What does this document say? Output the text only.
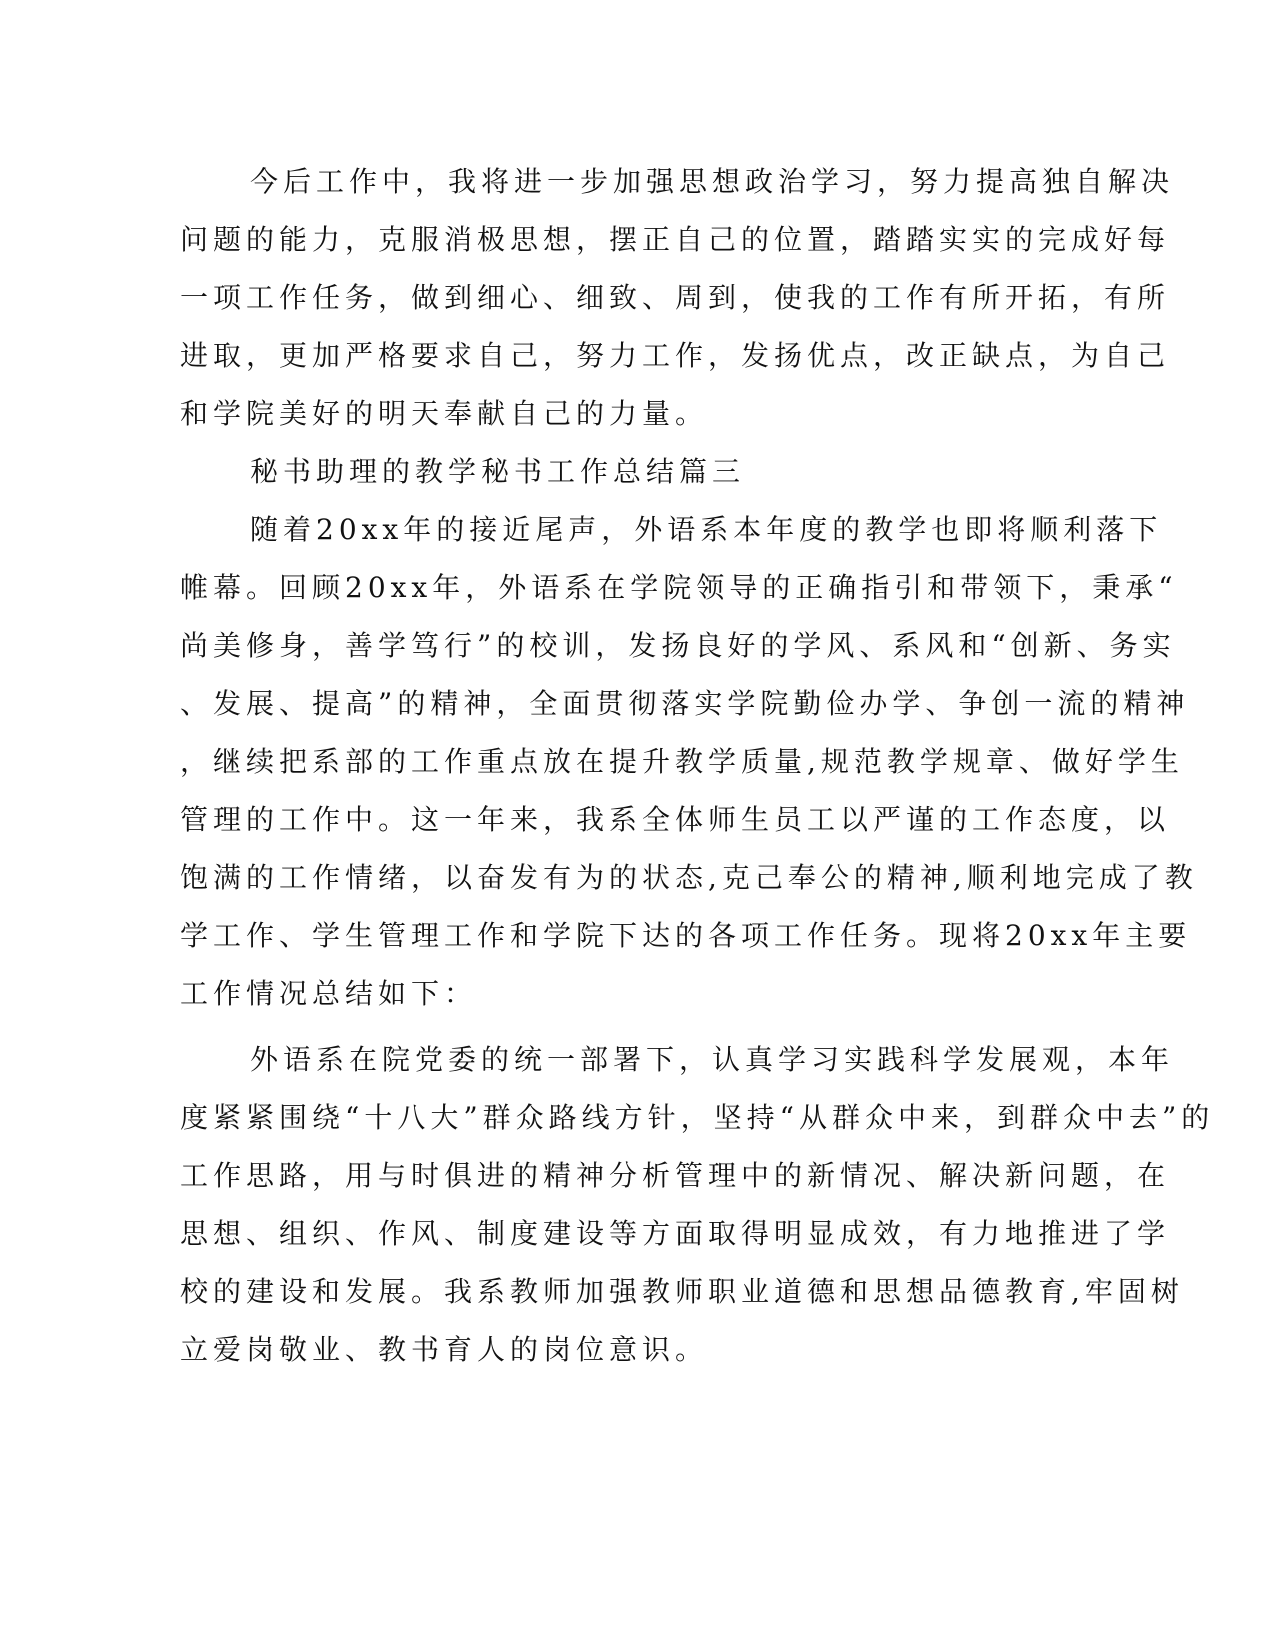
今后工作中，我将进一步加强思想政治学习，努力提高独自解决

问题的能力，克服消极思想，摆正自己的位置，踏踏实实的完成好每

一项工作任务，做到细心、细致、周到，使我的工作有所开拓，有所

进取，更加严格要求自己，努力工作，发扬优点，改正缺点，为自己

和学院美好的明天奉献自己的力量。

秘书助理的教学秘书工作总结篇三

随着20xx年的接近尾声，外语系本年度的教学也即将顺利落下

帷幕。回顾20xx年，外语系在学院领导的正确指引和带领下，秉承“

尚美修身，善学笃行”的校训，发扬良好的学风、系风和“创新、务实

、发展、提高”的精神，全面贯彻落实学院勤俭办学、争创一流的精神

，继续把系部的工作重点放在提升教学质量,规范教学规章、做好学生

管理的工作中。这一年来，我系全体师生员工以严谨的工作态度，以

饱满的工作情绪，以奋发有为的状态,克己奉公的精神,顺利地完成了教

学工作、学生管理工作和学院下达的各项工作任务。现将20xx年主要

工作情况总结如下：

外语系在院党委的统一部署下，认真学习实践科学发展观，本年

度紧紧围绕“十八大”群众路线方针，坚持“从群众中来，到群众中去”的

工作思路，用与时俱进的精神分析管理中的新情况、解决新问题，在

思想、组织、作风、制度建设等方面取得明显成效，有力地推进了学

校的建设和发展。我系教师加强教师职业道德和思想品德教育,牢固树

立爱岗敬业、教书育人的岗位意识。
